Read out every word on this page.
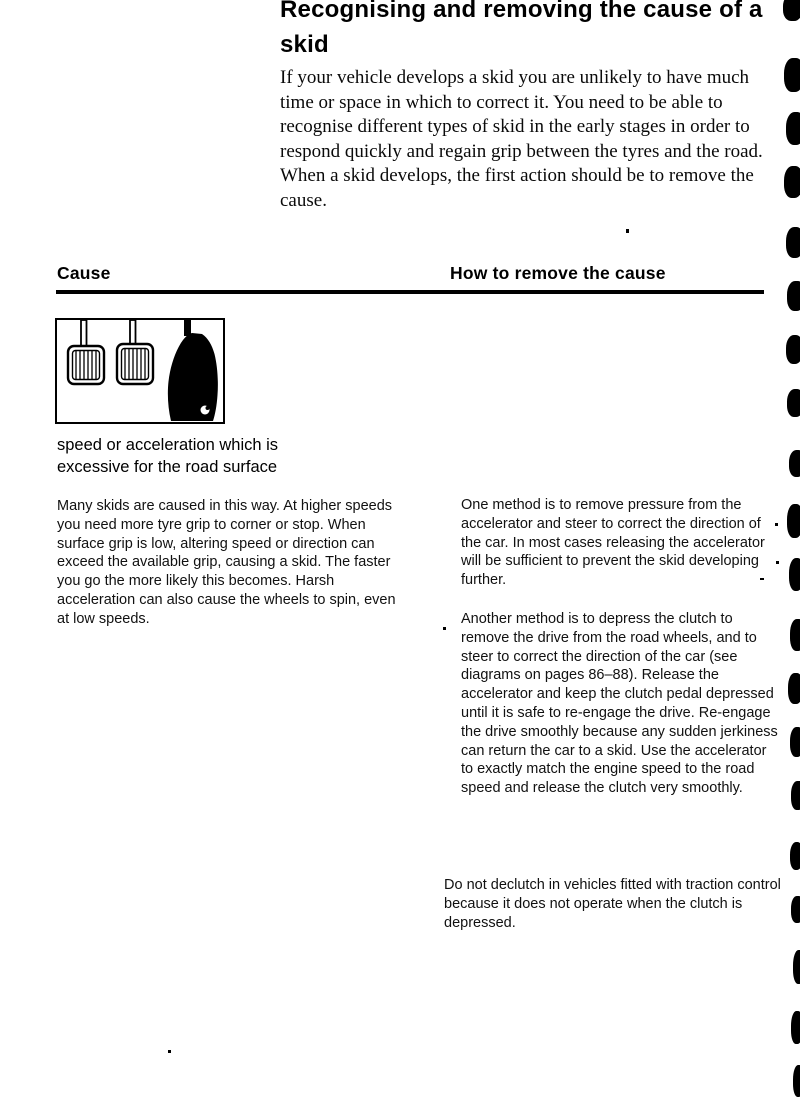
Recognising and removing the cause of a skid

If your vehicle develops a skid you are unlikely to have much time or space in which to correct it. You need to be able to recognise different types of skid in the early stages in order to respond quickly and regain grip between the tyres and the road. When a skid develops, the first action should be to remove the cause.

Cause	How to remove the cause
speed or acceleration which is excessive for the road surface

Many skids are caused in this way. At higher speeds you need more tyre grip to corner or stop. When surface grip is low, altering speed or direction can exceed the available grip, causing a skid. The faster you go the more likely this becomes. Harsh acceleration can also cause the wheels to spin, even at low speeds.

One method is to remove pressure from the accelerator and steer to correct the direction of the car. In most cases releasing the accelerator will be sufficient to prevent the skid developing further.

Another method is to depress the clutch to remove the drive from the road wheels, and to steer to correct the direction of the car (see diagrams on pages 86–88). Release the accelerator and keep the clutch pedal depressed until it is safe to re-engage the drive. Re-engage the drive smoothly because any sudden jerkiness can return the car to a skid. Use the accelerator to exactly match the engine speed to the road speed and release the clutch very smoothly.

Do not declutch in vehicles fitted with traction control because it does not operate when the clutch is depressed.
